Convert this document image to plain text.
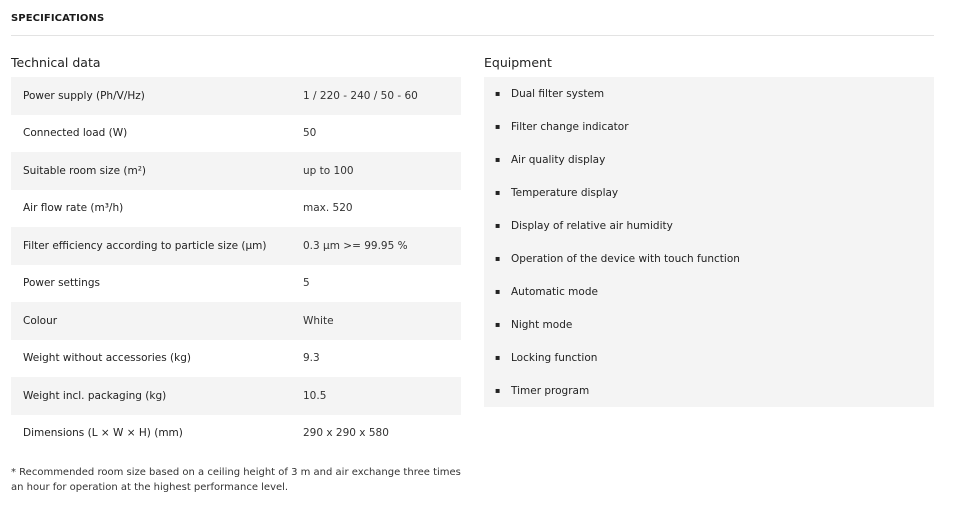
SPECIFICATIONS
Technical data	Equipment
Power supply (Ph/V/Hz)	1 / 220 - 240 / 50 - 60
Connected load (W)	50
Suitable room size (m²)	up to 100
Air flow rate (m³/h)	max. 520
Filter efficiency according to particle size (µm)	0.3 µm >= 99.95 %
Power settings	5
Colour	White
Weight without accessories (kg)	9.3
Weight incl. packaging (kg)	10.5
Dimensions (L × W × H) (mm)	290 x 290 x 580
▪	Dual filter system
▪	Filter change indicator
▪	Air quality display
▪	Temperature display
▪	Display of relative air humidity
▪	Operation of the device with touch function
▪	Automatic mode
▪	Night mode
▪	Locking function
▪	Timer program

* Recommended room size based on a ceiling height of 3 m and air exchange three times an hour for operation at the highest performance level.
